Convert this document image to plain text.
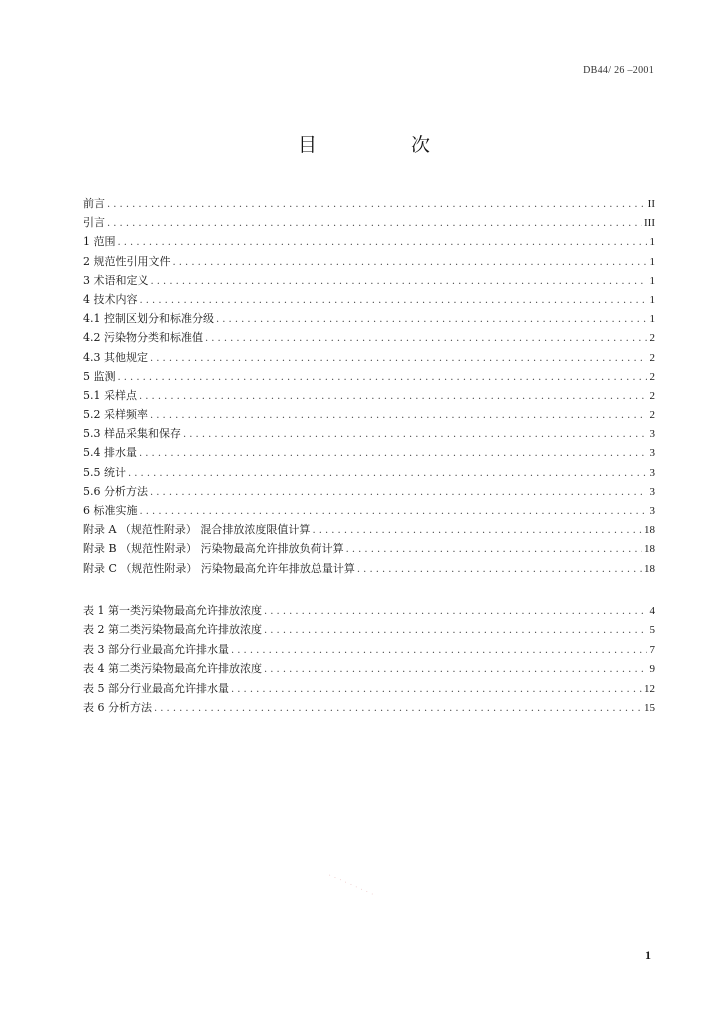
DB44/ 26 –2001
目 次
前言 .....	II
引言 .....	III
1 范围 .....	1
2 规范性引用文件 .....	1
3 术语和定义 .....	1
4 技术内容 .....	1
4.1 控制区划分和标准分级 .....	1
4.2 污染物分类和标准值 .....	2
4.3 其他规定 .....	2
5 监测 .....	2
5.1 采样点 .....	2
5.2 采样频率 .....	2
5.3 样品采集和保存 .....	3
5.4 排水量 .....	3
5.5 统计 .....	3
5.6 分析方法 .....	3
6 标准实施 .....	3
附录 A （规范性附录） 混合排放浓度限值计算 .....	18
附录 B （规范性附录） 污染物最高允许排放负荷计算 .....	18
附录 C （规范性附录） 污染物最高允许年排放总量计算 .....	18
表 1 第一类污染物最高允许排放浓度 .....	4
表 2 第二类污染物最高允许排放浓度 .....	5
表 3 部分行业最高允许排水量 .....	7
表 4 第二类污染物最高允许排放浓度 .....	9
表 5 部分行业最高允许排水量 .....	12
表 6 分析方法 .....	15
· · · · · · · · ·
1
